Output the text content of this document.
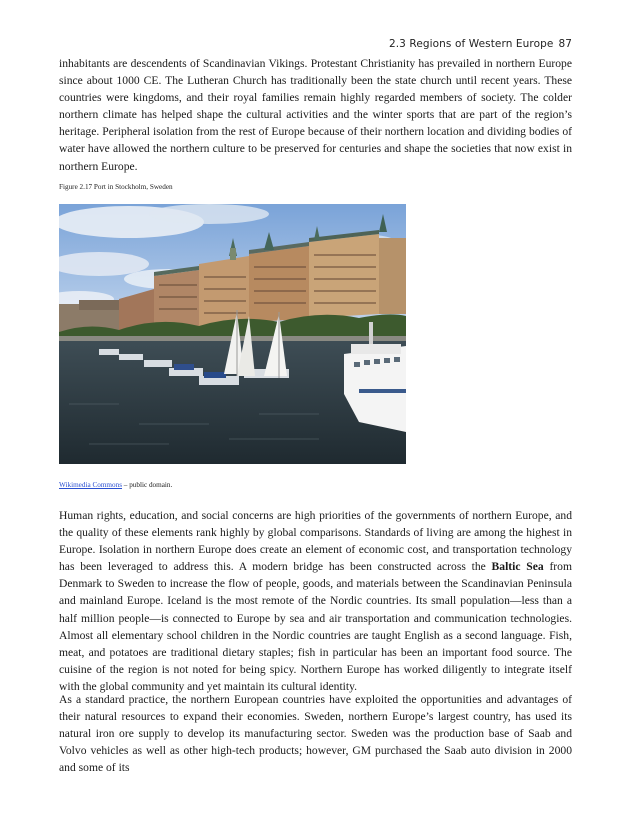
2.3 Regions of Western Europe 87

inhabitants are descendents of Scandinavian Vikings. Protestant Christianity has prevailed in northern Europe since about 1000 CE. The Lutheran Church has traditionally been the state church until recent years. These countries were kingdoms, and their royal families remain highly regarded members of society. The colder northern climate has helped shape the cultural activities and the winter sports that are part of the region’s heritage. Peripheral isolation from the rest of Europe because of their northern location and dividing bodies of water have allowed the northern culture to be preserved for centuries and shape the societies that now exist in northern Europe.

Figure 2.17 Port in Stockholm, Sweden
Wikimedia Commons – public domain.

Human rights, education, and social concerns are high priorities of the governments of northern Europe, and the quality of these elements rank highly by global comparisons. Standards of living are among the highest in Europe. Isolation in northern Europe does create an element of economic cost, and transportation technology has been leveraged to address this. A modern bridge has been constructed across the Baltic Sea from Denmark to Sweden to increase the flow of people, goods, and materials between the Scandinavian Peninsula and mainland Europe. Iceland is the most remote of the Nordic countries. Its small population—less than a half million people—is connected to Europe by sea and air transportation and communication technologies. Almost all elementary school children in the Nordic countries are taught English as a second language. Fish, meat, and potatoes are traditional dietary staples; fish in particular has been an important food source. The cuisine of the region is not noted for being spicy. Northern Europe has worked diligently to integrate itself with the global community and yet maintain its cultural identity.

As a standard practice, the northern European countries have exploited the opportunities and advantages of their natural resources to expand their economies. Sweden, northern Europe’s largest country, has used its natural iron ore supply to develop its manufacturing sector. Sweden was the production base of Saab and Volvo vehicles as well as other high-tech products; however, GM purchased the Saab auto division in 2000 and some of its
